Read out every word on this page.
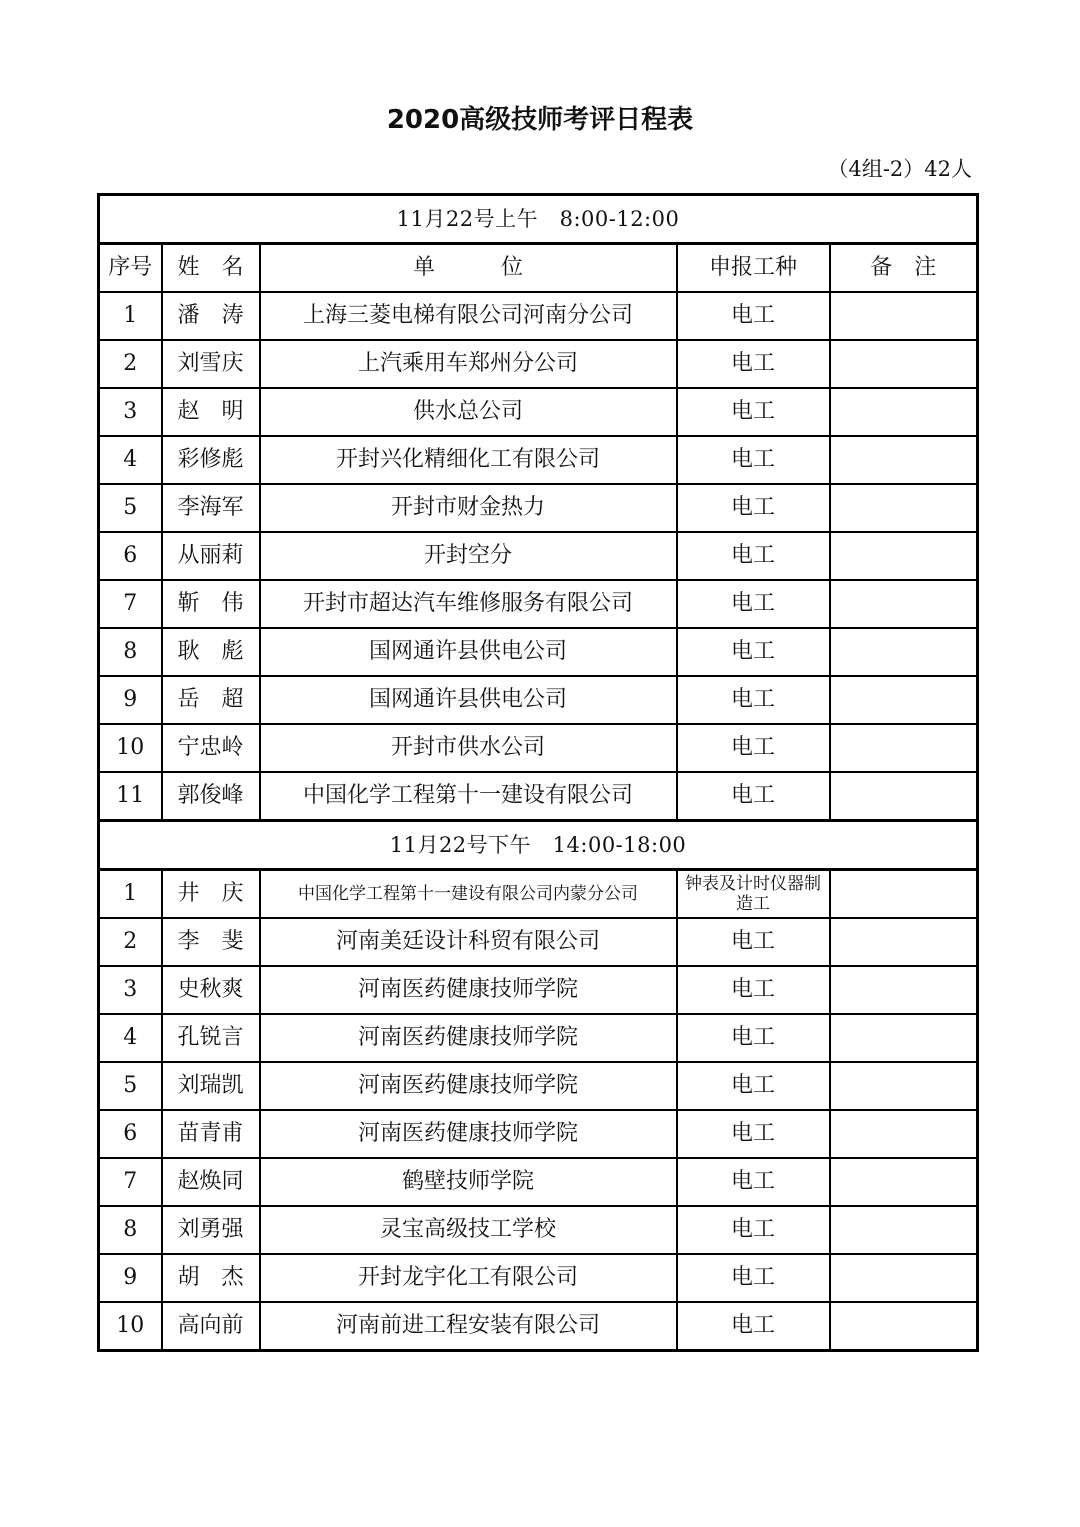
2020高级技师考评日程表
（4组-2）42人
11月22号上午　8:00-12:00				
序号	姓　名	单　　　位	申报工种	备　注
1	潘　涛	上海三菱电梯有限公司河南分公司	电工	
2	刘雪庆	上汽乘用车郑州分公司	电工	
3	赵　明	供水总公司	电工	
4	彩修彪	开封兴化精细化工有限公司	电工	
5	李海军	开封市财金热力	电工	
6	从丽莉	开封空分	电工	
7	靳　伟	开封市超达汽车维修服务有限公司	电工	
8	耿　彪	国网通许县供电公司	电工	
9	岳　超	国网通许县供电公司	电工	
10	宁忠岭	开封市供水公司	电工	
11	郭俊峰	中国化学工程第十一建设有限公司	电工	
11月22号下午　14:00-18:00				
1	井　庆	中国化学工程第十一建设有限公司内蒙分公司	钟表及计时仪器制造工	
2	李　斐	河南美廷设计科贸有限公司	电工	
3	史秋爽	河南医药健康技师学院	电工	
4	孔锐言	河南医药健康技师学院	电工	
5	刘瑞凯	河南医药健康技师学院	电工	
6	苗青甫	河南医药健康技师学院	电工	
7	赵焕同	鹤壁技师学院	电工	
8	刘勇强	灵宝高级技工学校	电工	
9	胡　杰	开封龙宇化工有限公司	电工	
10	高向前	河南前进工程安装有限公司	电工	
